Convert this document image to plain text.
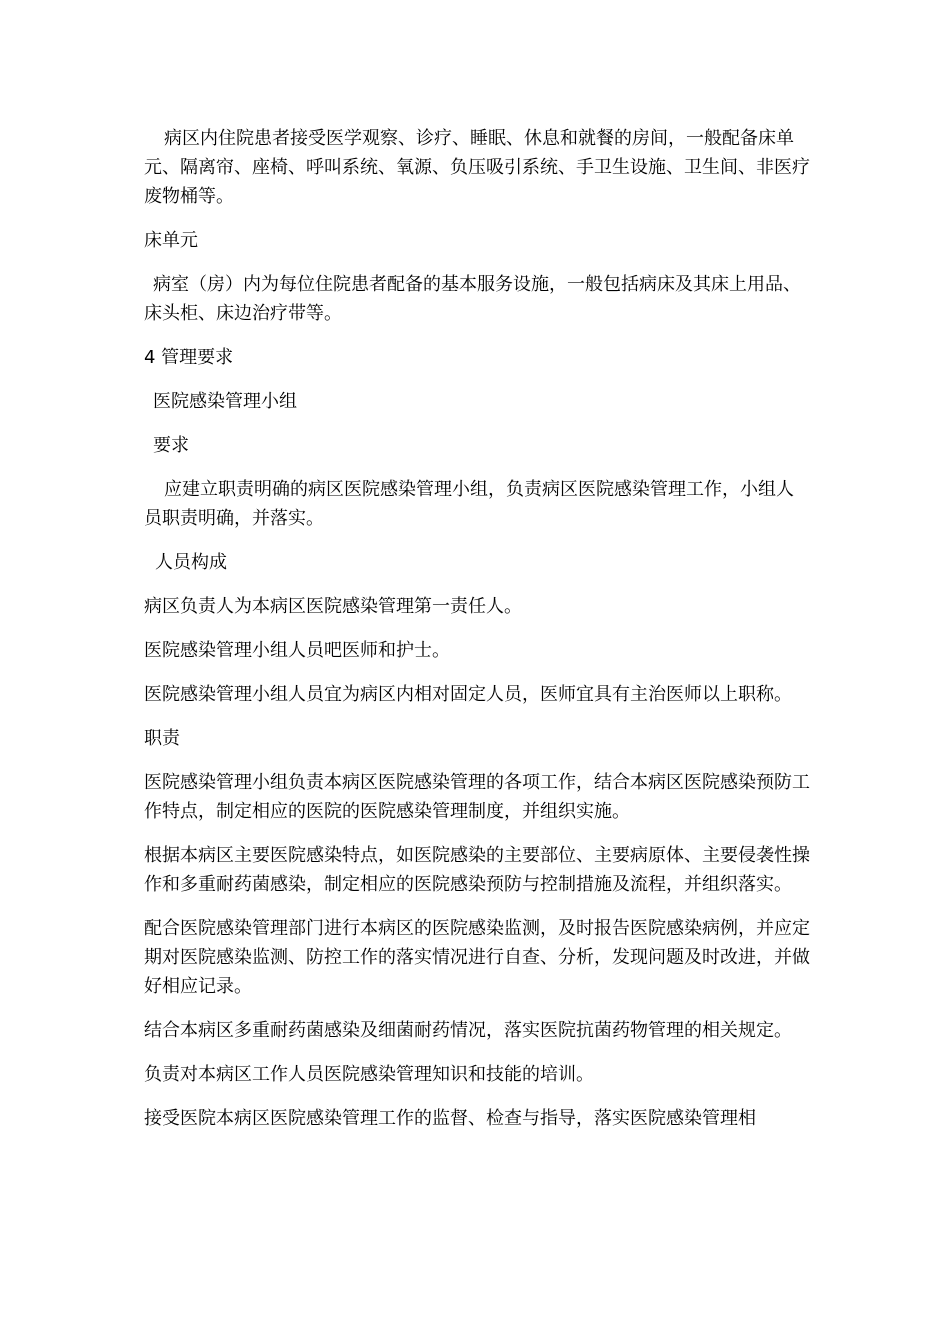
病区内住院患者接受医学观察、诊疗、睡眠、休息和就餐的房间，一般配备床单元、隔离帘、座椅、呼叫系统、氧源、负压吸引系统、手卫生设施、卫生间、非医疗废物桶等。

床单元

病室（房）内为每位住院患者配备的基本服务设施，一般包括病床及其床上用品、床头柜、床边治疗带等。

4 管理要求

医院感染管理小组

要求

应建立职责明确的病区医院感染管理小组，负责病区医院感染管理工作，小组人员职责明确，并落实。

人员构成

病区负责人为本病区医院感染管理第一责任人。

医院感染管理小组人员吧医师和护士。

医院感染管理小组人员宜为病区内相对固定人员，医师宜具有主治医师以上职称。

职责

医院感染管理小组负责本病区医院感染管理的各项工作，结合本病区医院感染预防工作特点，制定相应的医院的医院感染管理制度，并组织实施。

根据本病区主要医院感染特点，如医院感染的主要部位、主要病原体、主要侵袭性操作和多重耐药菌感染，制定相应的医院感染预防与控制措施及流程，并组织落实。

配合医院感染管理部门进行本病区的医院感染监测，及时报告医院感染病例，并应定期对医院感染监测、防控工作的落实情况进行自查、分析，发现问题及时改进，并做好相应记录。

结合本病区多重耐药菌感染及细菌耐药情况，落实医院抗菌药物管理的相关规定。

负责对本病区工作人员医院感染管理知识和技能的培训。

接受医院本病区医院感染管理工作的监督、检查与指导，落实医院感染管理相
